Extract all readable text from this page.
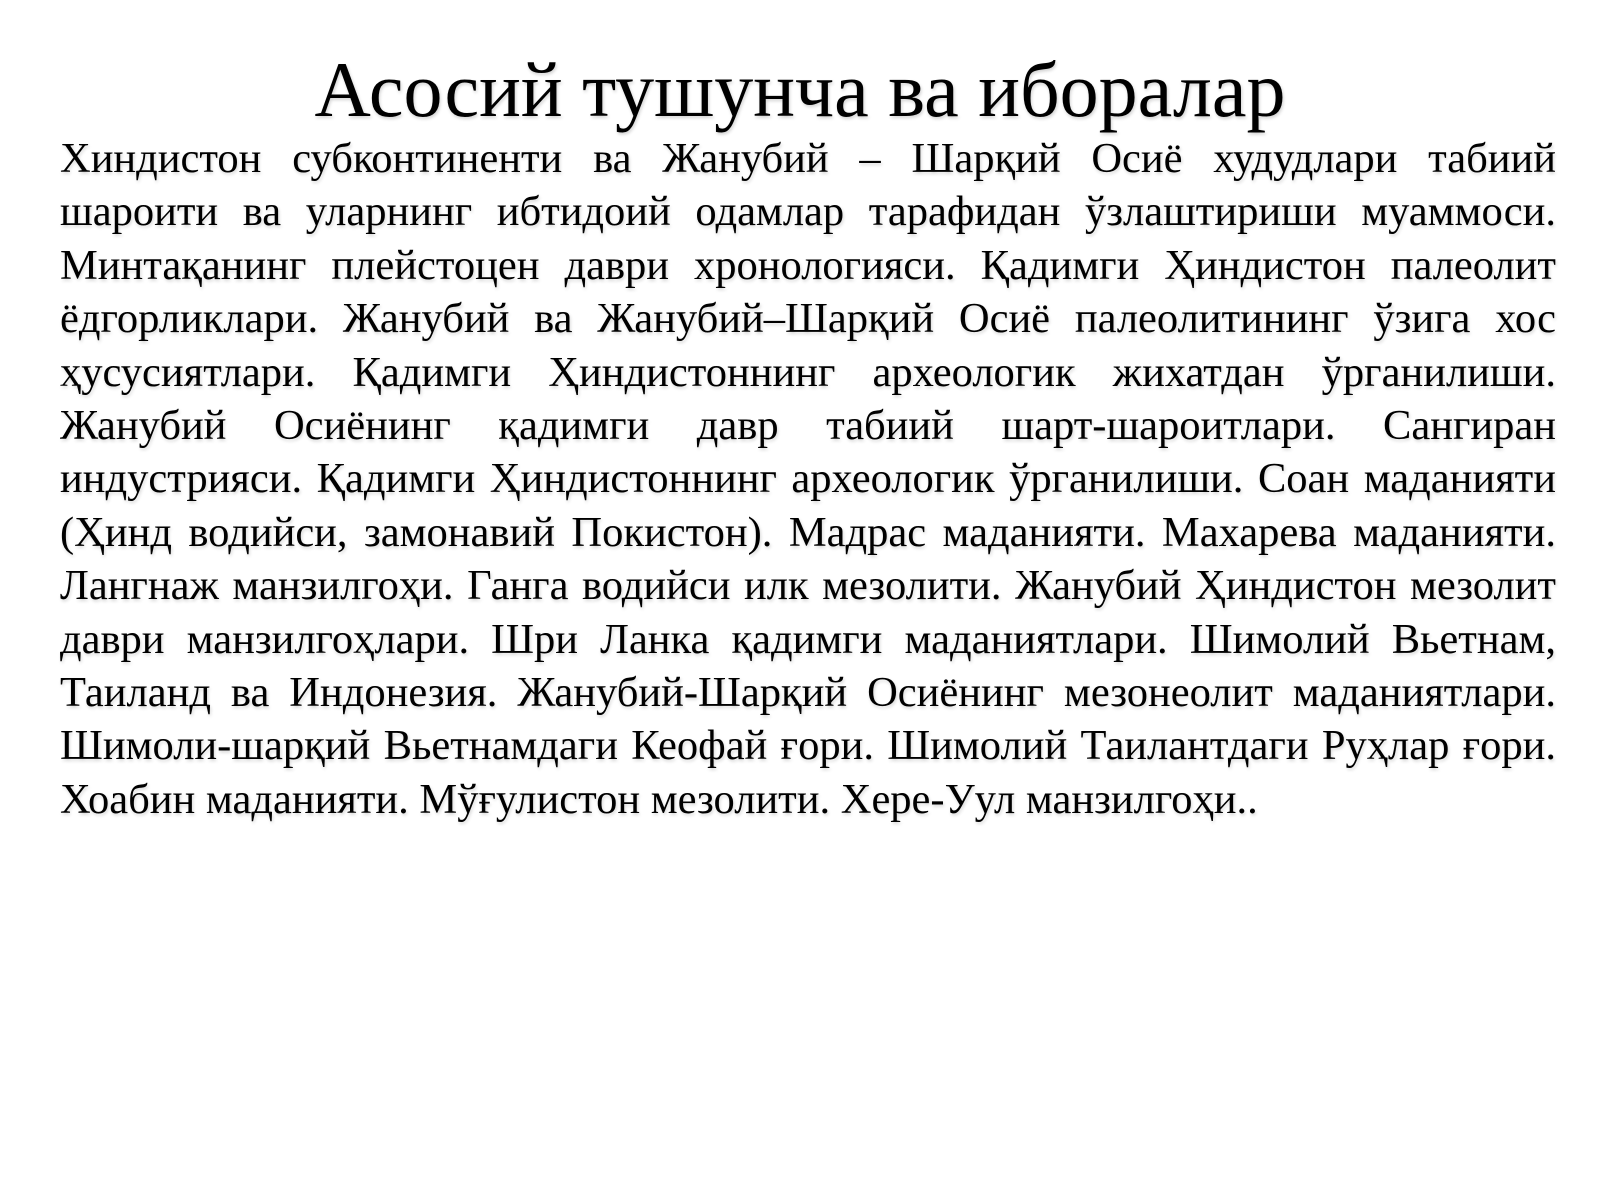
Асосий тушунча ва иборалар

Хиндистон субконтиненти ва Жанубий – Шарқий Осиё худудлари табиий шароити ва уларнинг ибтидоий одамлар тарафидан ўзлаштириши муаммоси. Минтақанинг плейстоцен даври хронологияси. Қадимги Ҳиндистон палеолит ёдгорликлари. Жанубий ва Жанубий–Шарқий Осиё палеолитининг ўзига хос ҳусусиятлари. Қадимги Ҳиндистоннинг археологик жихатдан ўрганилиши. Жанубий Осиёнинг қадимги давр табиий шарт-шароитлари. Сангиран индустрияси. Қадимги Ҳиндистоннинг археологик ўрганилиши. Соан маданияти (Ҳинд водийси, замонавий Покистон). Мадрас маданияти. Махарева маданияти. Лангнаж манзилгоҳи. Ганга водийси илк мезолити. Жанубий Ҳиндистон мезолит даври манзилгоҳлари. Шри Ланка қадимги маданиятлари. Шимолий Вьетнам, Таиланд ва Индонезия. Жанубий-Шарқий Осиёнинг мезонеолит маданиятлари. Шимоли-шарқий Вьетнамдаги Кеофай ғори. Шимолий Таилантдаги Руҳлар ғори. Хоабин маданияти. Мўғулистон мезолити. Хере-Уул манзилгоҳи..
